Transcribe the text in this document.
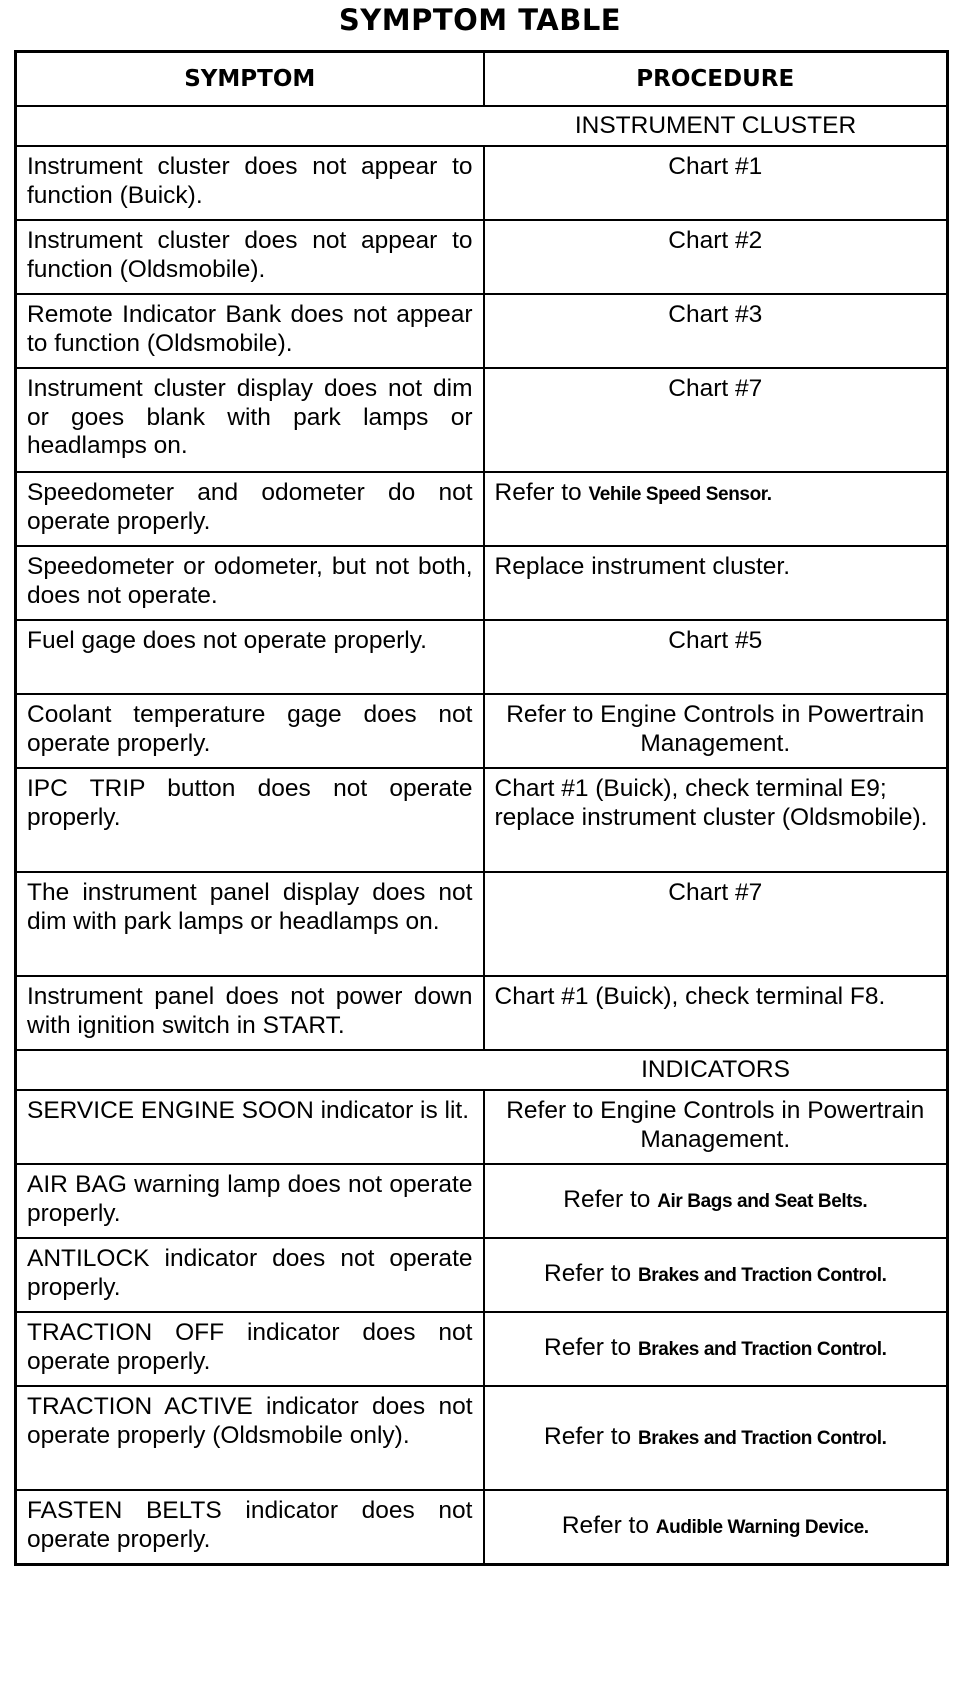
SYMPTOM TABLE
SYMPTOM	PROCEDURE

INSTRUMENT CLUSTER	

Instrument cluster does not appear to function (Buick).	Chart #1
Instrument cluster does not appear to function (Oldsmobile).	Chart #2
Remote Indicator Bank does not appear to function (Oldsmobile).	Chart #3
Instrument cluster display does not dim or goes blank with park lamps or headlamps on.	Chart #7
Speedometer and odometer do not operate properly.	Refer to Vehile Speed Sensor.
Speedometer or odometer, but not both, does not operate.	Replace instrument cluster.
Fuel gage does not operate properly.	Chart #5
Coolant temperature gage does not operate properly.	Refer to Engine Controls in Powertrain Management.
IPC TRIP button does not operate properly.	Chart #1 (Buick), check terminal E9; replace instrument cluster (Oldsmobile).
The instrument panel display does not dim with park lamps or headlamps on.	Chart #7
Instrument panel does not power down with ignition switch in START.	Chart #1 (Buick), check terminal F8.

INDICATORS	

SERVICE ENGINE SOON indicator is lit.	Refer to Engine Controls in Powertrain Management.
AIR BAG warning lamp does not operate properly.	Refer to Air Bags and Seat Belts.
ANTILOCK indicator does not operate properly.	Refer to Brakes and Traction Control.
TRACTION OFF indicator does not operate properly.	Refer to Brakes and Traction Control.
TRACTION ACTIVE indicator does not operate properly (Oldsmobile only).	Refer to Brakes and Traction Control.
FASTEN BELTS indicator does not operate properly.	Refer to Audible Warning Device.
